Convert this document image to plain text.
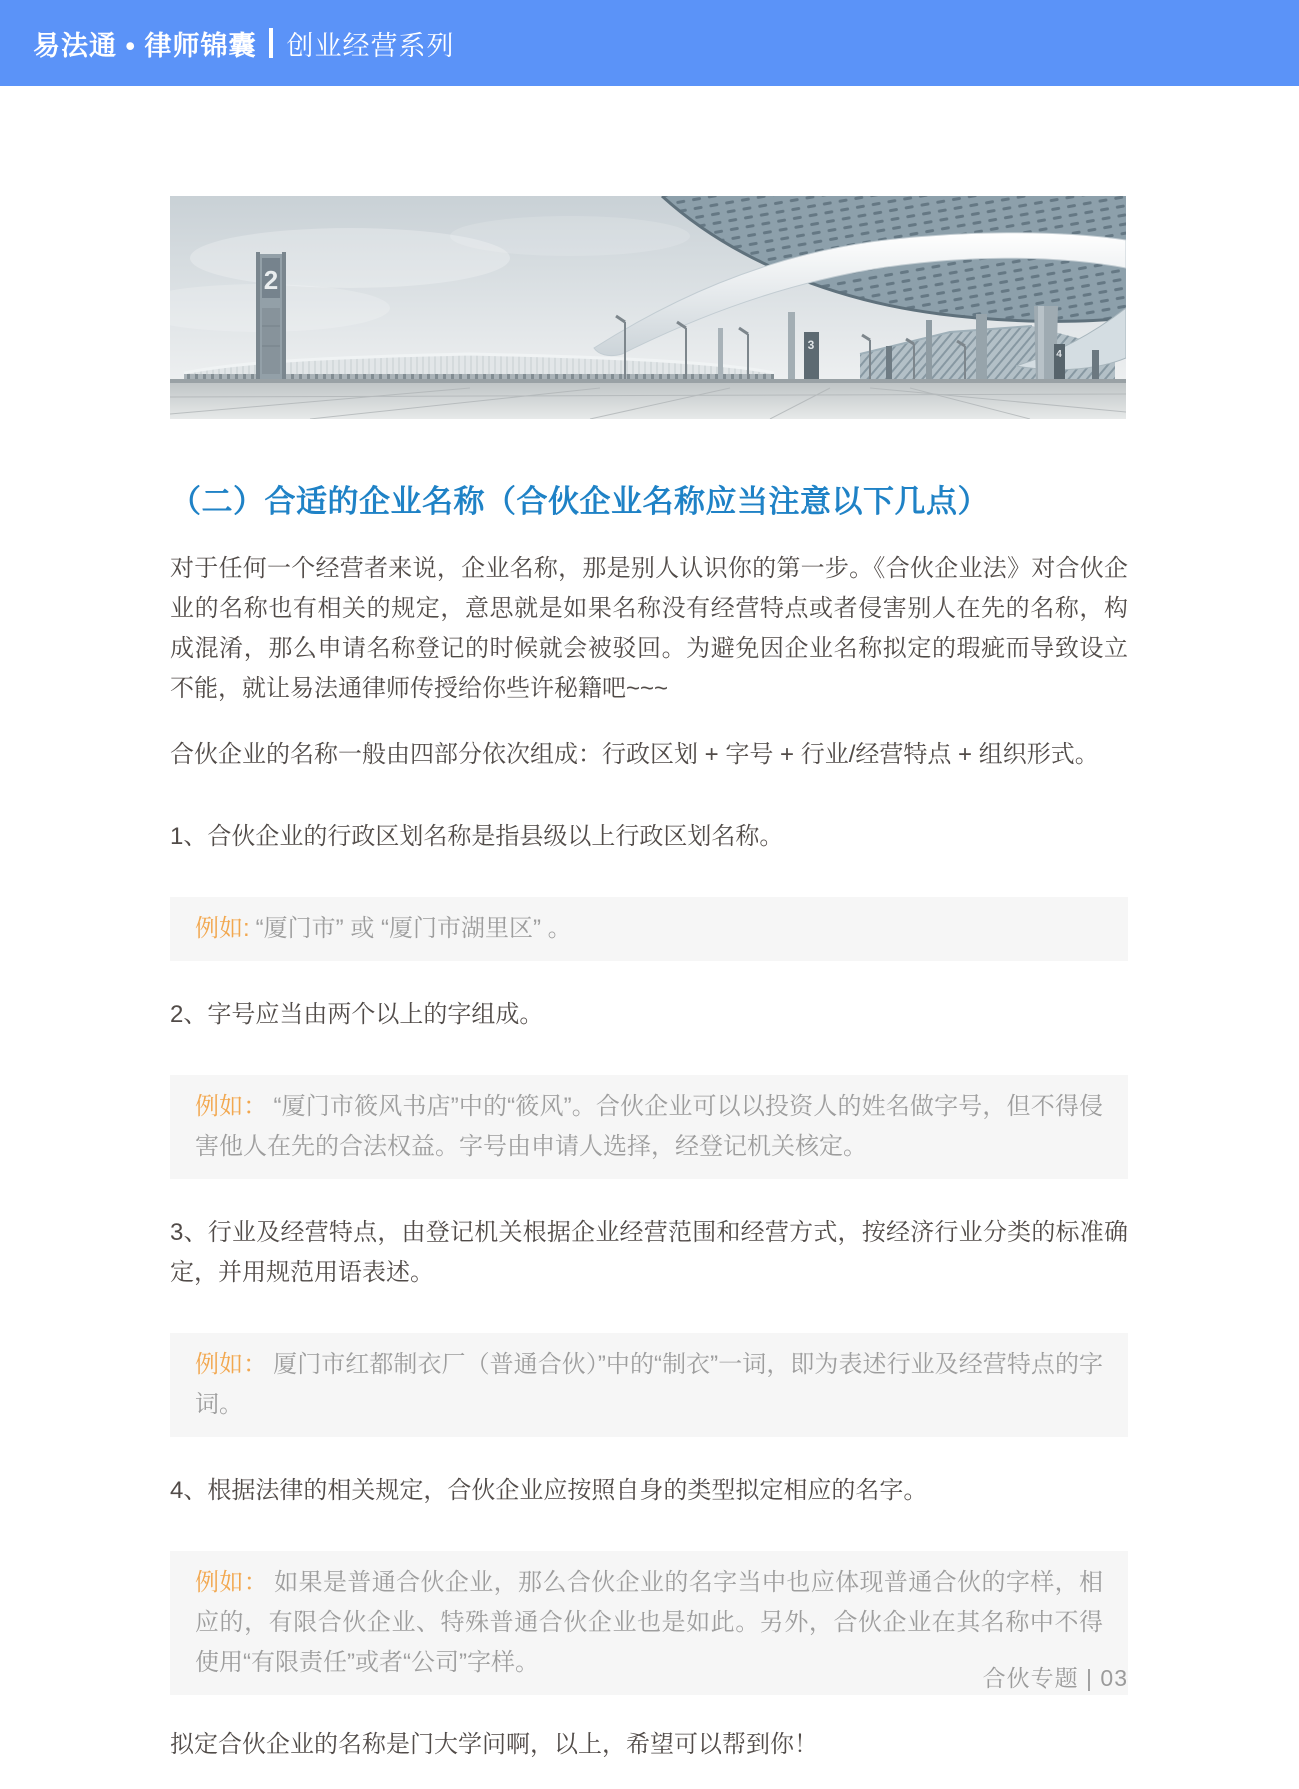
易法通 • 律师锦囊 创业经营系列
2
3
4
（二）合适的企业名称（合伙企业名称应当注意以下几点）

对于任何一个经营者来说，企业名称，那是别人认识你的第一步。《合伙企业法》对合伙企业的名称也有相关的规定，意思就是如果名称没有经营特点或者侵害别人在先的名称，构成混淆，那么申请名称登记的时候就会被驳回。为避免因企业名称拟定的瑕疵而导致设立不能，就让易法通律师传授给你些许秘籍吧~~~

合伙企业的名称一般由四部分依次组成：行政区划 + 字号 + 行业/经营特点 + 组织形式。

1、合伙企业的行政区划名称是指县级以上行政区划名称。

例如: “厦门市” 或 “厦门市湖里区” 。

2、字号应当由两个以上的字组成。

例如： “厦门市筱风书店”中的“筱风”。合伙企业可以以投资人的姓名做字号，但不得侵害他人在先的合法权益。字号由申请人选择，经登记机关核定。

3、行业及经营特点，由登记机关根据企业经营范围和经营方式，按经济行业分类的标准确定，并用规范用语表述。

例如： 厦门市红都制衣厂（普通合伙）”中的“制衣”一词，即为表述行业及经营特点的字词。

4、根据法律的相关规定，合伙企业应按照自身的类型拟定相应的名字。

例如： 如果是普通合伙企业，那么合伙企业的名字当中也应体现普通合伙的字样，相应的，有限合伙企业、特殊普通合伙企业也是如此。另外，合伙企业在其名称中不得使用“有限责任”或者“公司”字样。

拟定合伙企业的名称是门大学问啊，以上，希望可以帮到你！

合伙专题 | 03
